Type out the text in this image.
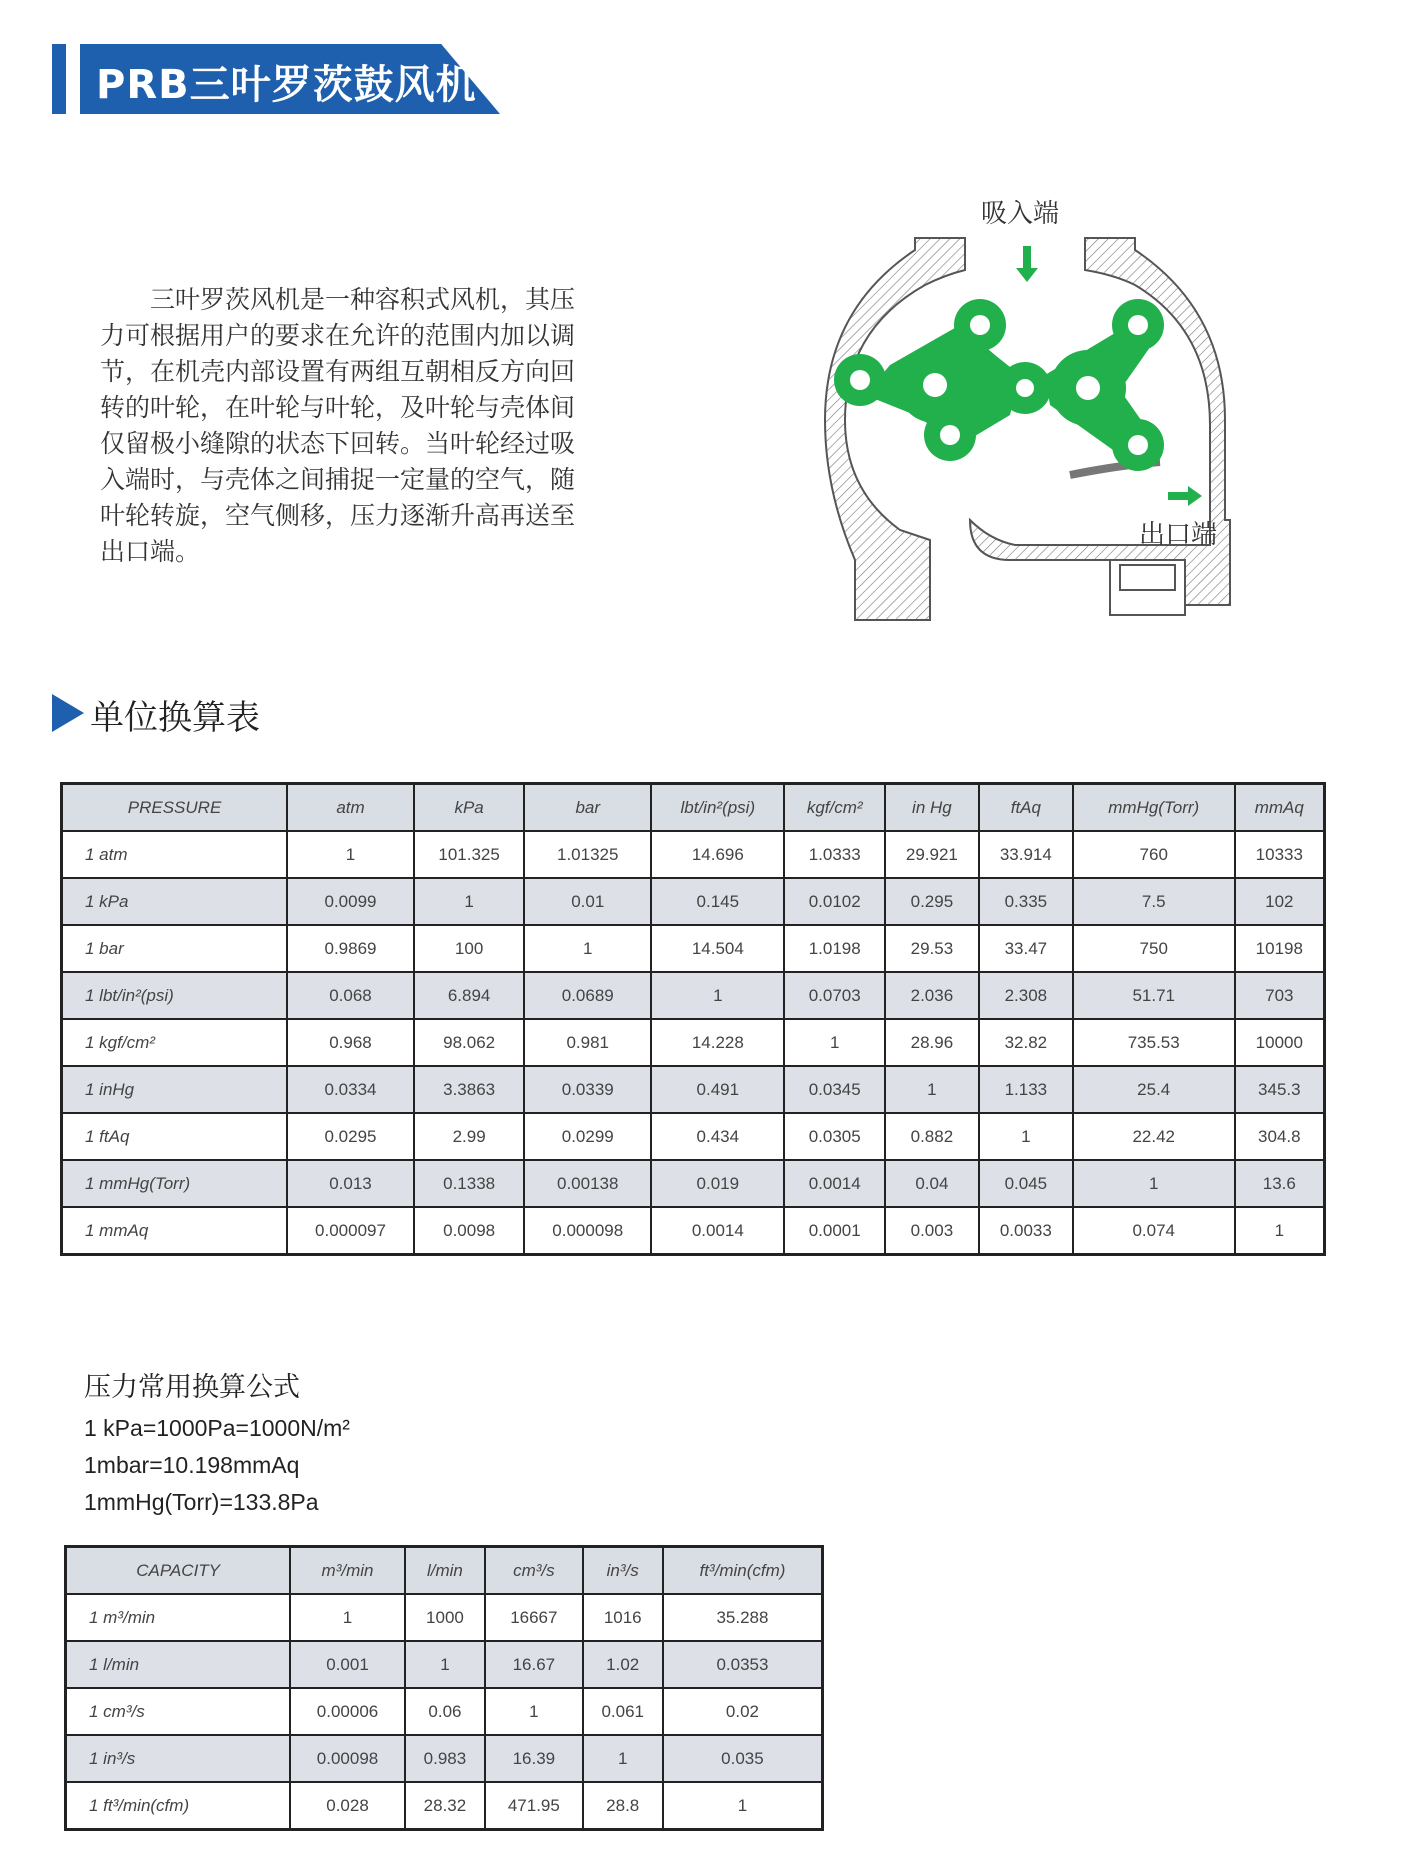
PRB三叶罗茨鼓风机
三叶罗茨风机是一种容积式风机，其压
力可根据用户的要求在允许的范围内加以调
节，在机壳内部设置有两组互朝相反方向回
转的叶轮，在叶轮与叶轮，及叶轮与壳体间
仅留极小缝隙的状态下回转。当叶轮经过吸
入端时，与壳体之间捕捉一定量的空气，随
叶轮转旋，空气侧移，压力逐渐升高再送至
出口端。
吸入端
出口端
单位换算表
PRESSURE	atm	kPa	bar	lbt/in²(psi)	kgf/cm²	in Hg	ftAq	mmHg(Torr)	mmAq
1 atm	1	101.325	1.01325	14.696	1.0333	29.921	33.914	760	10333
1 kPa	0.0099	1	0.01	0.145	0.0102	0.295	0.335	7.5	102
1 bar	0.9869	100	1	14.504	1.0198	29.53	33.47	750	10198
1 lbt/in²(psi)	0.068	6.894	0.0689	1	0.0703	2.036	2.308	51.71	703
1 kgf/cm²	0.968	98.062	0.981	14.228	1	28.96	32.82	735.53	10000
1 inHg	0.0334	3.3863	0.0339	0.491	0.0345	1	1.133	25.4	345.3
1 ftAq	0.0295	2.99	0.0299	0.434	0.0305	0.882	1	22.42	304.8
1 mmHg(Torr)	0.013	0.1338	0.00138	0.019	0.0014	0.04	0.045	1	13.6
1 mmAq	0.000097	0.0098	0.000098	0.0014	0.0001	0.003	0.0033	0.074	1
压力常用换算公式
1 kPa=1000Pa=1000N/m²
1mbar=10.198mmAq
1mmHg(Torr)=133.8Pa
CAPACITY	m³/min	l/min	cm³/s	in³/s	ft³/min(cfm)
1 m³/min	1	1000	16667	1016	35.288
1 l/min	0.001	1	16.67	1.02	0.0353
1 cm³/s	0.00006	0.06	1	0.061	0.02
1 in³/s	0.00098	0.983	16.39	1	0.035
1 ft³/min(cfm)	0.028	28.32	471.95	28.8	1
